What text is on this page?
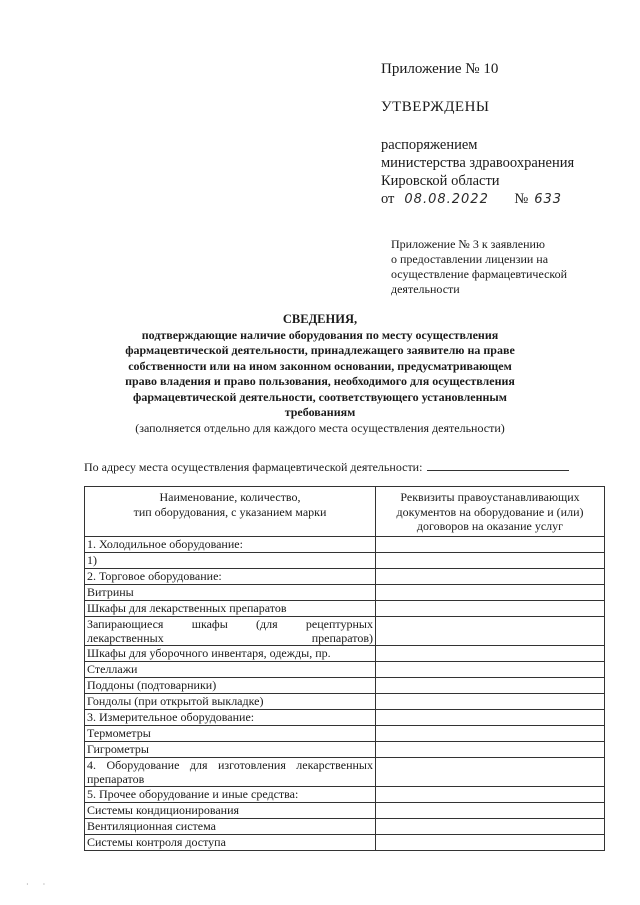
Приложение № 10
УТВЕРЖДЕНЫ
распоряжением
министерства здравоохранения
Кировской области
от 08.08.2022	№ 633
Приложение № 3 к заявлению
о предоставлении лицензии на
осуществление фармацевтической
деятельности
СВЕДЕНИЯ,
подтверждающие наличие оборудования по месту осуществления
фармацевтической деятельности, принадлежащего заявителю на праве
собственности или на ином законном основании, предусматривающем
право владения и право пользования, необходимого для осуществления
фармацевтической деятельности, соответствующего установленным
требованиям
(заполняется отдельно для каждого места осуществления деятельности)
По адресу места осуществления фармацевтической деятельности:
Наименование, количество,
тип оборудования, с указанием марки	Реквизиты правоустанавливающих
документов на оборудование и (или)
договоров на оказание услуг
1. Холодильное оборудование:	
1)	
2. Торговое оборудование:	
Витрины	
Шкафы для лекарственных препаратов	
Запирающиеся шкафы (для рецептурных лекарственных препаратов)	
Шкафы для уборочного инвентаря, одежды, пр.	
Стеллажи	
Поддоны (подтоварники)	
Гондолы (при открытой выкладке)	
3. Измерительное оборудование:	
Термометры	
Гигрометры	
4. Оборудование для изготовления лекарственных препаратов	
5. Прочее оборудование и иные средства:	
Системы кондиционирования	
Вентиляционная система	
Системы контроля доступа	
· ·
